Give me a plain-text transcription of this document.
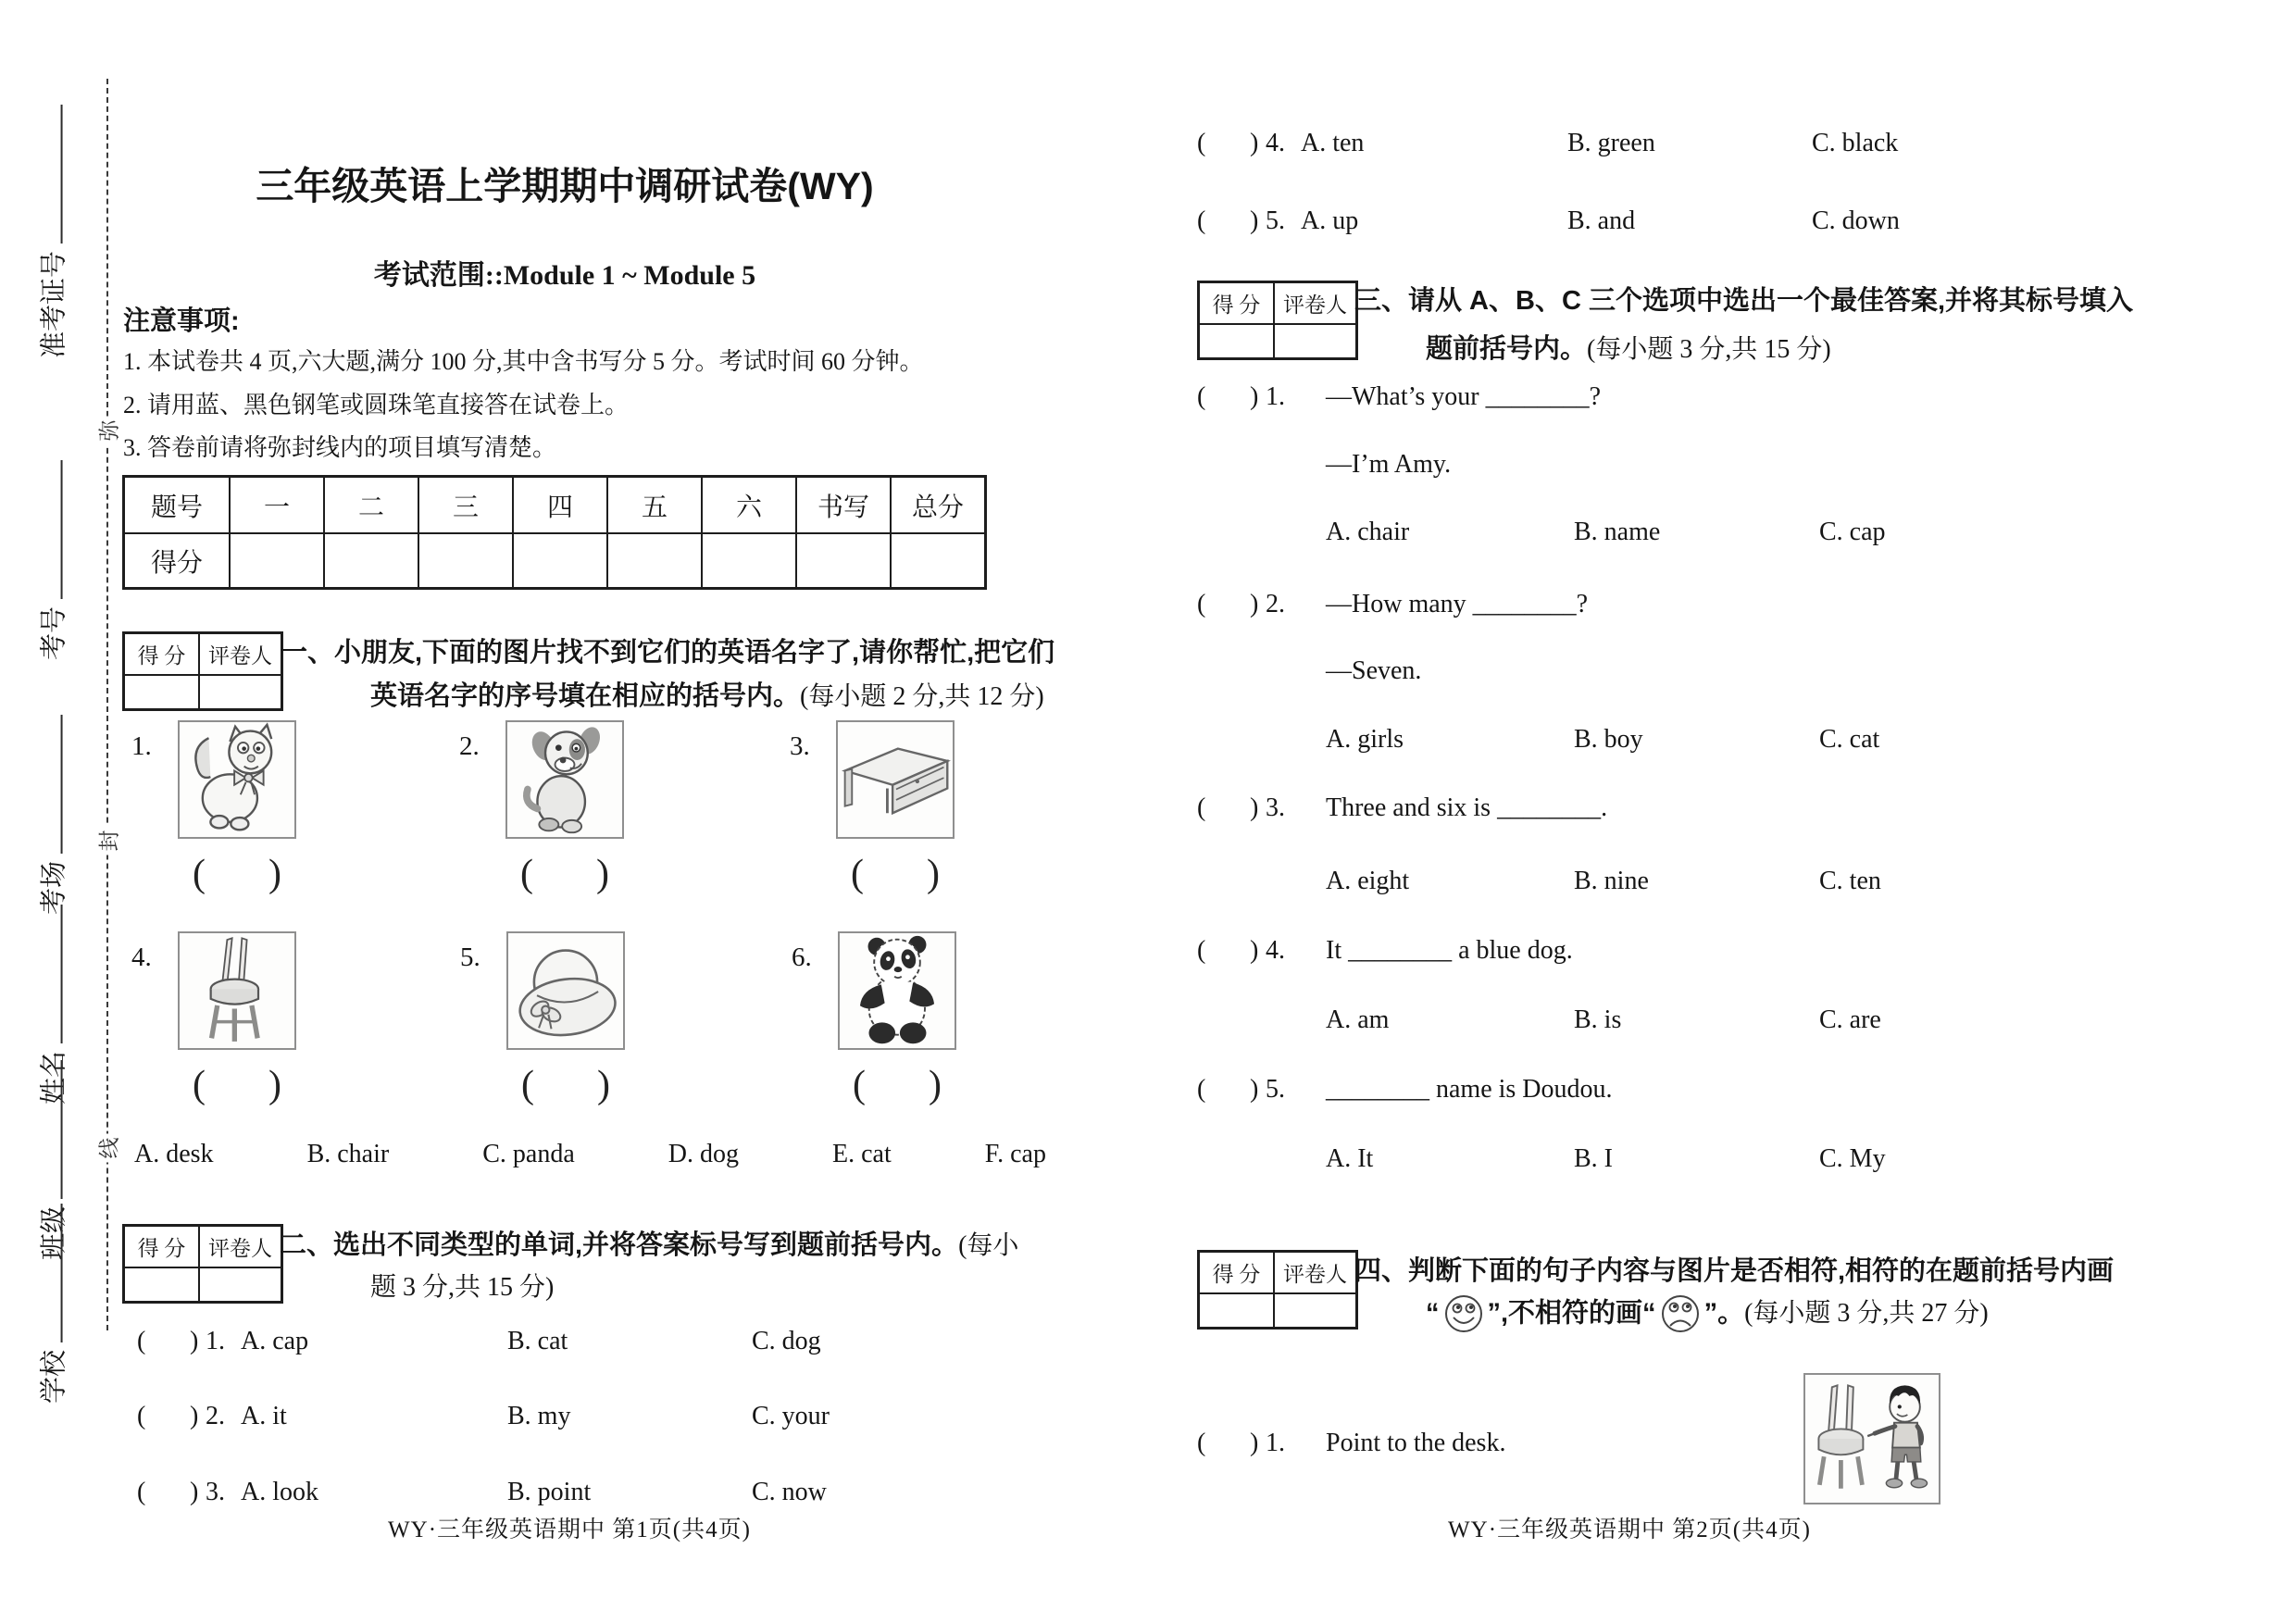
准考证号
考号
考场
姓名
班级
学校
弥
封
线
三年级英语上学期期中调研试卷(WY)
考试范围::Module 1 ~ Module 5
注意事项:
1. 本试卷共 4 页,六大题,满分 100 分,其中含书写分 5 分。考试时间 60 分钟。
2. 请用蓝、黑色钢笔或圆珠笔直接答在试卷上。
3. 答卷前请将弥封线内的项目填写清楚。
题号	一	二	三	四	五	六	书写	总分
得分
得 分	评卷人 一、小朋友,下面的图片找不到它们的英语名字了,请你帮忙,把它们
英语名字的序号填在相应的括号内。(每小题 2 分,共 12 分)
1.
( )
2.
( )
3.
( )
4.
( )
5.
( )
6.
( )
A. desk	B. chair	C. panda	D. dog	E. cat	F. cap
得 分	评卷人 二、选出不同类型的单词,并将答案标号写到题前括号内。(每小
题 3 分,共 15 分)
( ) 1. A. cap	B. cat	C. dog
( ) 2. A. it	B. my	C. your
( ) 3. A. look	B. point	C. now
WY·三年级英语期中 第1页(共4页)
( ) 4. A. ten	B. green	C. black
( ) 5. A. up	B. and	C. down
得 分	评卷人 三、请从 A、B、C 三个选项中选出一个最佳答案,并将其标号填入
题前括号内。(每小题 3 分,共 15 分)
( ) 1. —What’s your ________?
—I’m Amy.
A. chair	B. name	C. cap
( ) 2. —How many ________?
—Seven.
A. girls	B. boy	C. cat
( ) 3. Three and six is ________.
A. eight	B. nine	C. ten
( ) 4. It ________ a blue dog.
A. am	B. is	C. are
( ) 5. ________ name is Doudou.
A. It	B. I	C. My
得 分	评卷人 四、判断下面的句子内容与图片是否相符,相符的在题前括号内画
“ ”,不相符的画“ ”。(每小题 3 分,共 27 分)
( ) 1. Point to the desk.
WY·三年级英语期中 第2页(共4页)
